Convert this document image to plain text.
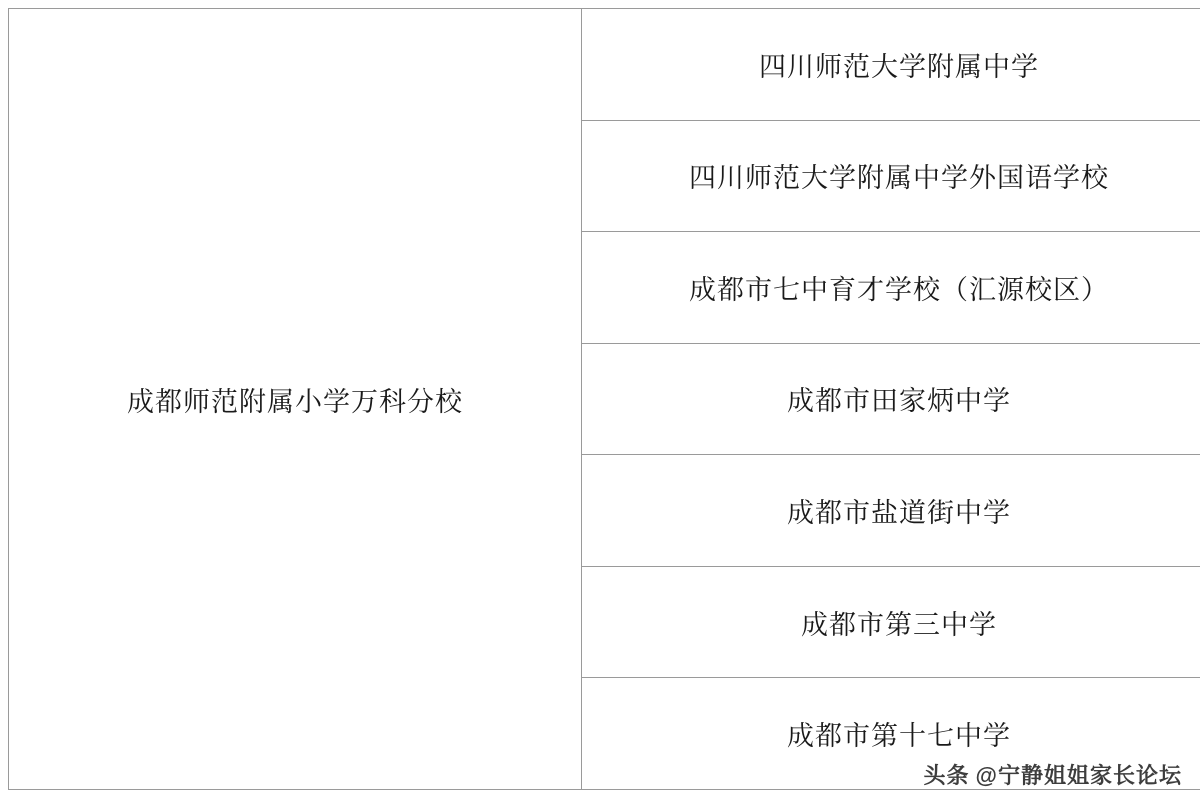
成都师范附属小学万科分校	四川师范大学附属中学
四川师范大学附属中学外国语学校
成都市七中育才学校（汇源校区）
成都市田家炳中学
成都市盐道街中学
成都市第三中学
成都市第十七中学
头条 @宁静姐姐家长论坛
